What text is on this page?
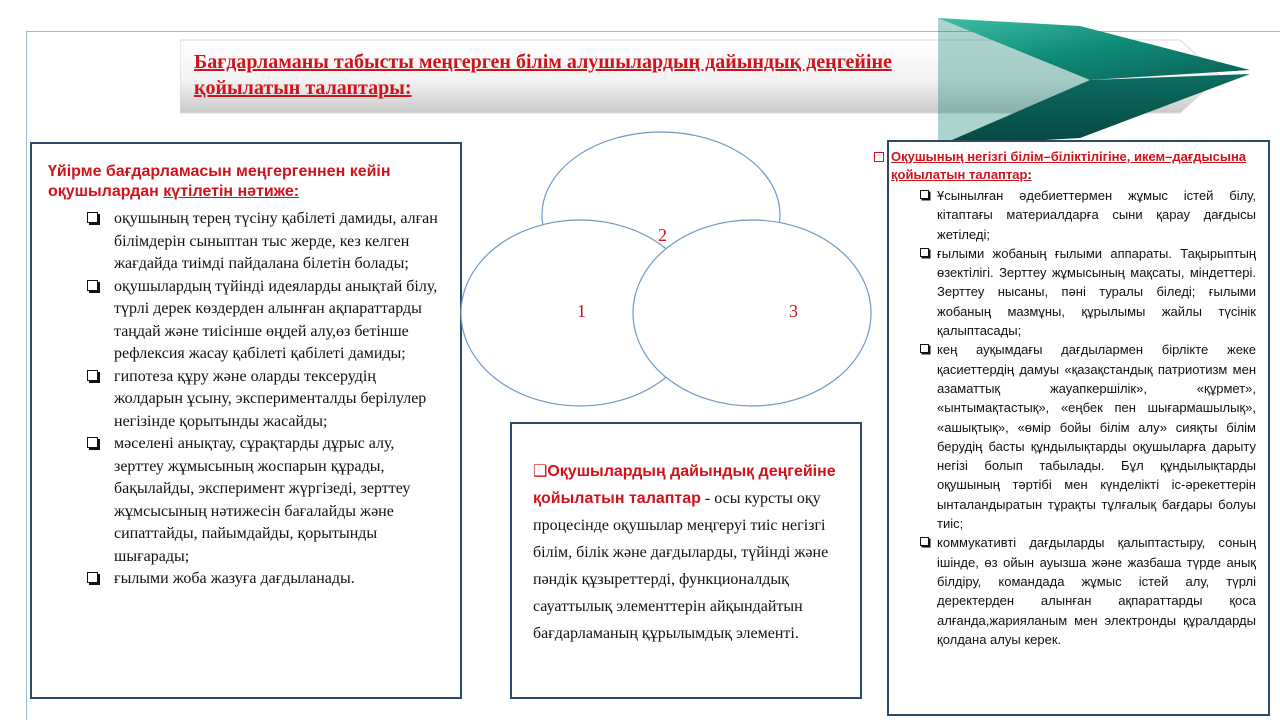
Бағдарламаны табысты меңгерген білім алушылардың дайындық деңгейіне қойылатын талаптары:
Үйірме бағдарламасын меңгергеннен кейін оқушылардан күтілетін нәтиже:
оқушының терең түсіну қабілеті дамиды, алған білімдерін сыныптан тыс жерде, кез келген жағдайда тиімді пайдалана білетін болады;
оқушылардың түйінді идеяларды анықтай білу, түрлі дерек көздерден алынған ақпараттарды таңдай және тиісінше өңдей алу,өз бетінше рефлексия жасау қабілеті қабілеті дамиды;
гипотеза құру және оларды тексерудің жолдарын ұсыну, эксперименталды берілулер негізінде қорытынды жасайды;
мәселені анықтау, сұрақтарды дұрыс алу, зерттеу жұмысының жоспарын құрады, бақылайды, эксперимент жүргізеді, зерттеу жұмсысының нәтижесін бағалайды және сипаттайды, пайымдайды, қорытынды шығарады;
ғылыми жоба жазуға дағдыланады.
2
1	3
❑Оқушылардың дайындық деңгейіне қойылатын талаптар - осы курсты оқу процесінде оқушылар меңгеруі тиіс негізгі білім, білік және дағдыларды, түйінді және пәндік құзыреттерді, функционалдық сауаттылық элементтерін айқындайтын бағдарламаның құрылымдық элементі.
Оқушының негізгі білім–біліктілігіне, икем–дағдысына қойылатын талаптар:
Ұсынылған әдебиеттермен жұмыс істей білу, кітаптағы материалдарға сыни қарау дағдысы жетіледі;
ғылыми жобаның ғылыми аппараты. Тақырыптың өзектілігі. Зерттеу жұмысының мақсаты, міндеттері. Зерттеу нысаны, пәні туралы біледі; ғылыми жобаның мазмұны, құрылымы жайлы түсінік қалыптасады;
кең ауқымдағы дағдылармен бірлікте жеке қасиеттердің дамуы «қазақстандық патриотизм мен азаматтық жауапкершілік», «құрмет», «ынтымақтастық», «еңбек пен шығармашылық», «ашықтық», «өмір бойы білім алу» сияқты білім берудің басты құндылықтарды оқушыларға дарыту негізі болып табылады. Бұл құндылықтарды оқушының тәртібі мен күнделікті іс-әрекеттерін ынталандыратын тұрақты тұлғалық бағдары болуы тиіс;
коммукативті дағдыларды қалыптастыру, соның ішінде, өз ойын ауызша және жазбаша түрде анық білдіру, командада жұмыс істей алу, түрлі деректерден алынған ақпараттарды қоса алғанда,жарияланым мен электронды құралдарды қолдана алуы керек.
